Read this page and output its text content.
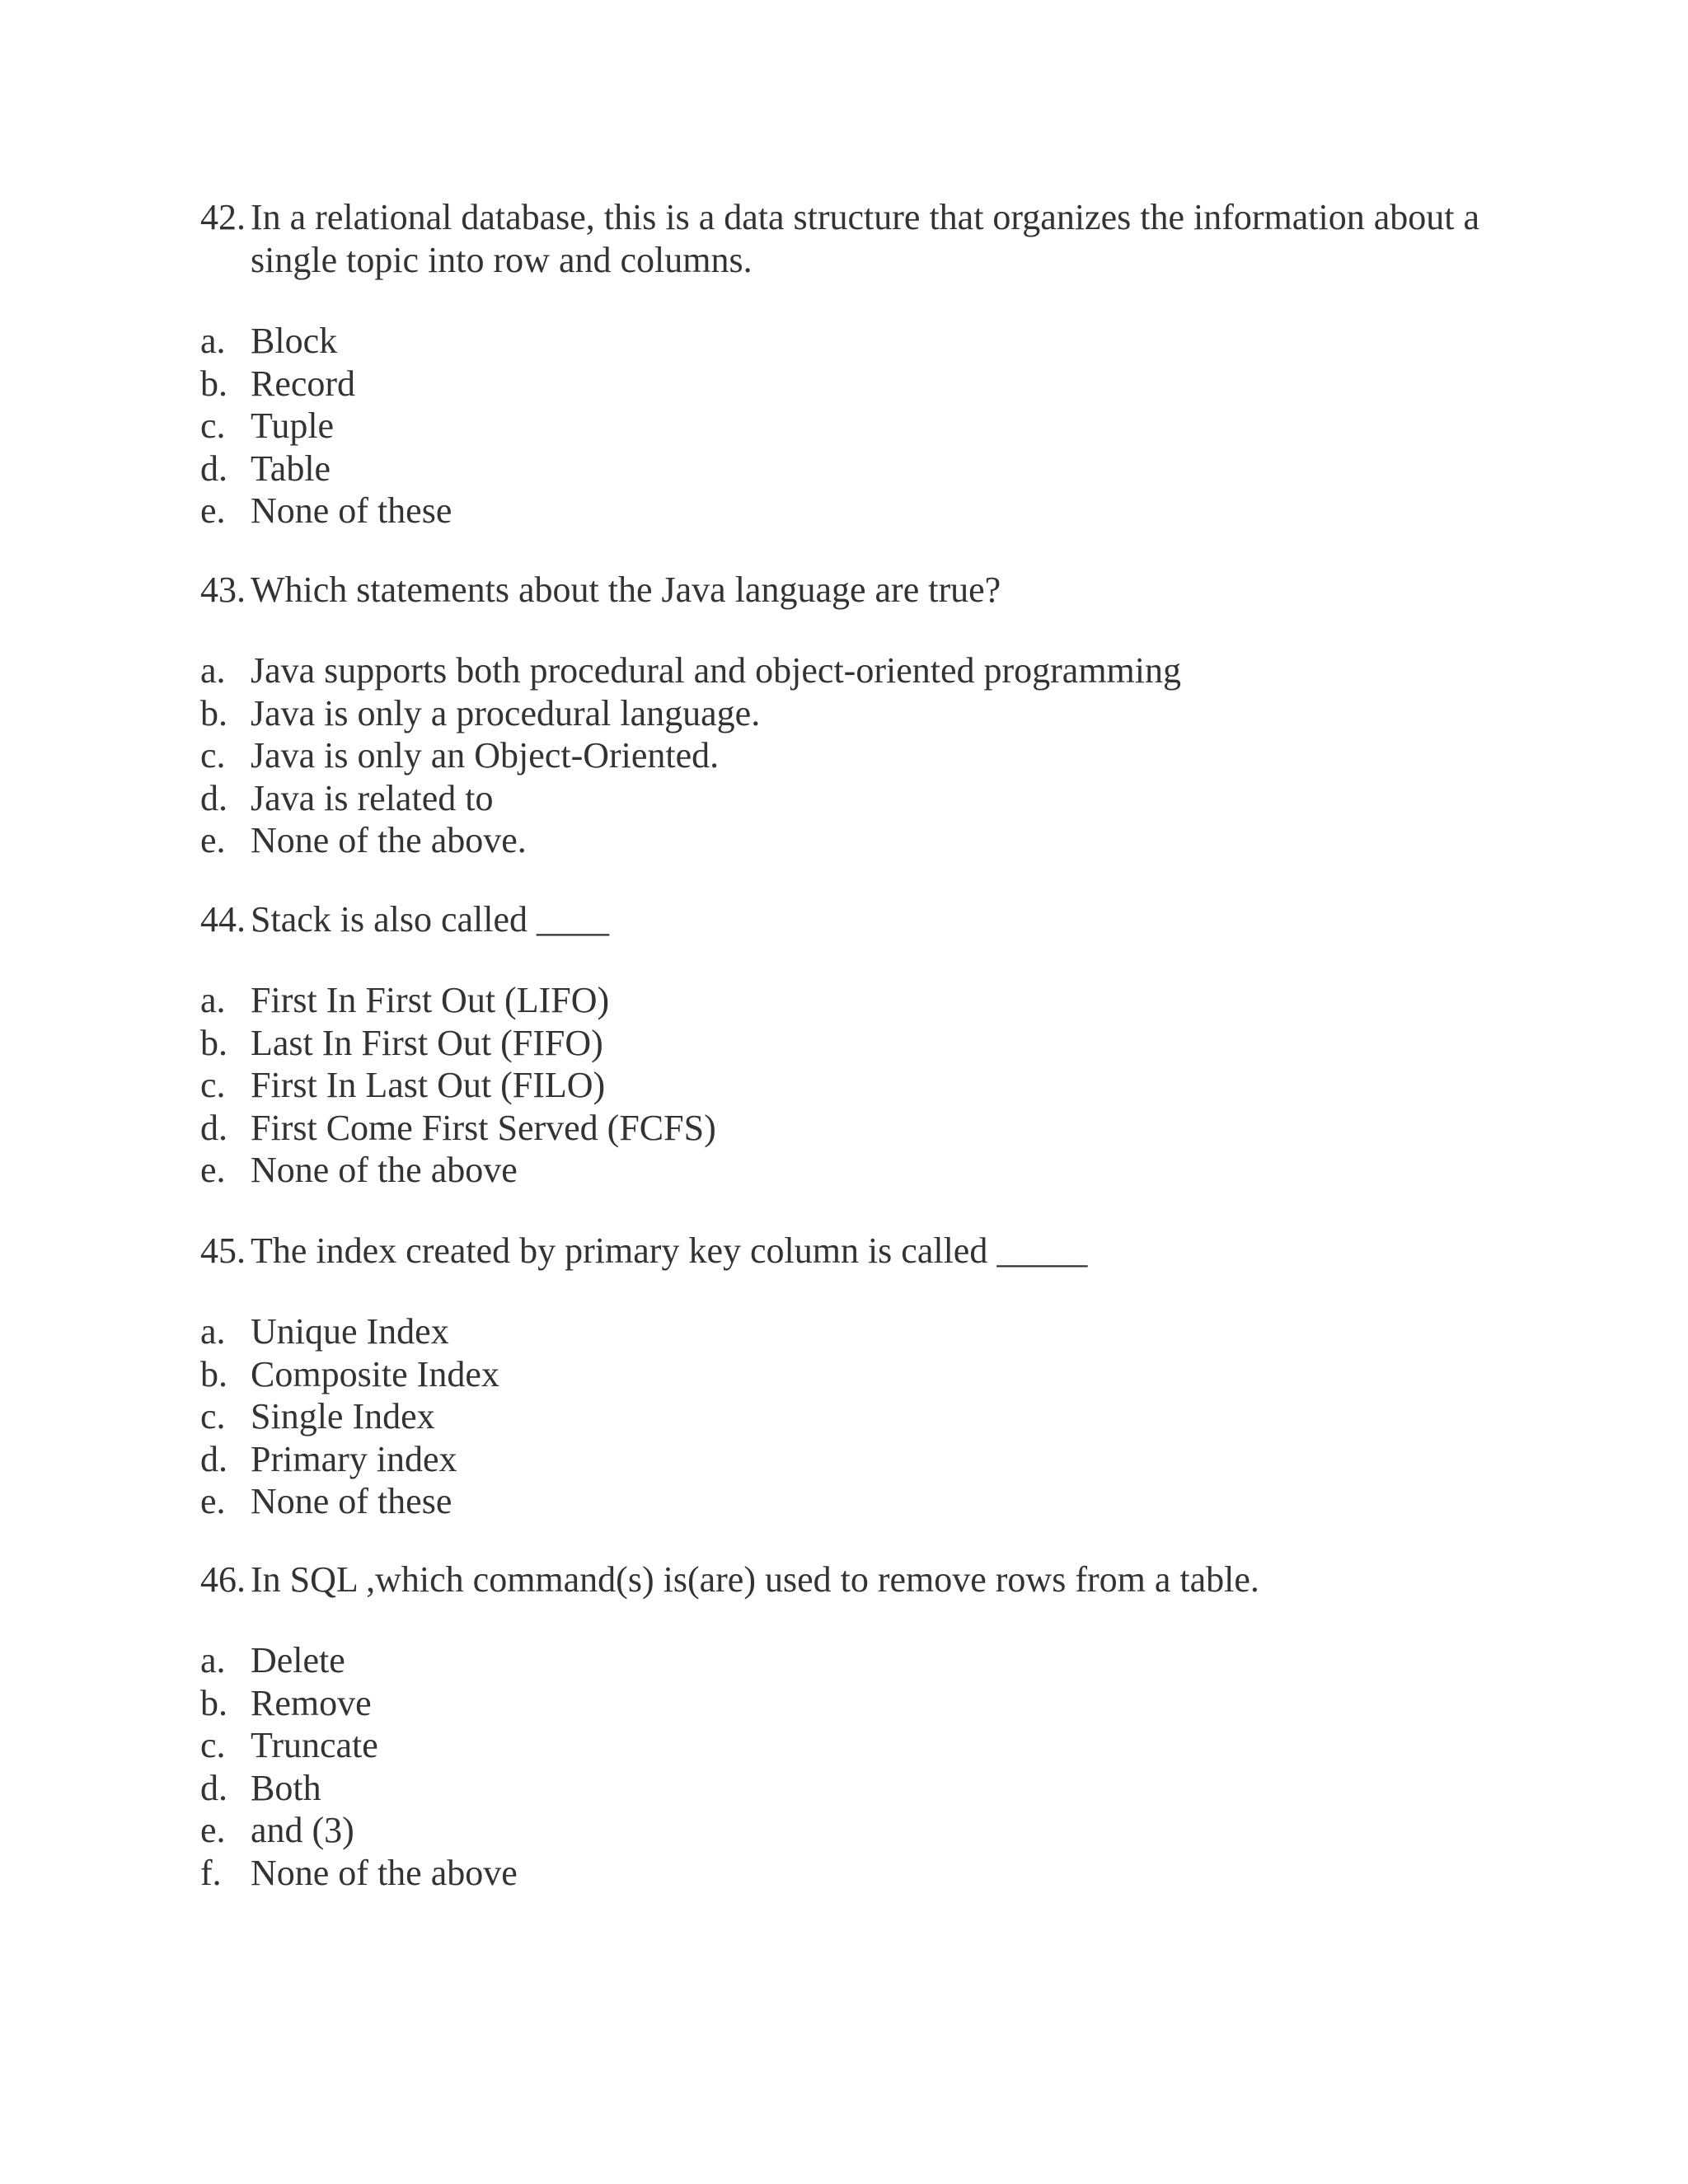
42. In a relational database, this is a data structure that organizes the information about a single topic into row and columns.
a. Block
b. Record
c. Tuple
d. Table
e. None of these
43. Which statements about the Java language are true?
a. Java supports both procedural and object-oriented programming
b. Java is only a procedural language.
c. Java is only an Object-Oriented.
d. Java is related to
e. None of the above.
44. Stack is also called ____
a. First In First Out (LIFO)
b. Last In First Out (FIFO)
c. First In Last Out (FILO)
d. First Come First Served (FCFS)
e. None of the above
45. The index created by primary key column is called _____
a. Unique Index
b. Composite Index
c. Single Index
d. Primary index
e. None of these
46. In SQL ,which command(s) is(are) used to remove rows from a table.
a. Delete
b. Remove
c. Truncate
d. Both
e. and (3)
f. None of the above
